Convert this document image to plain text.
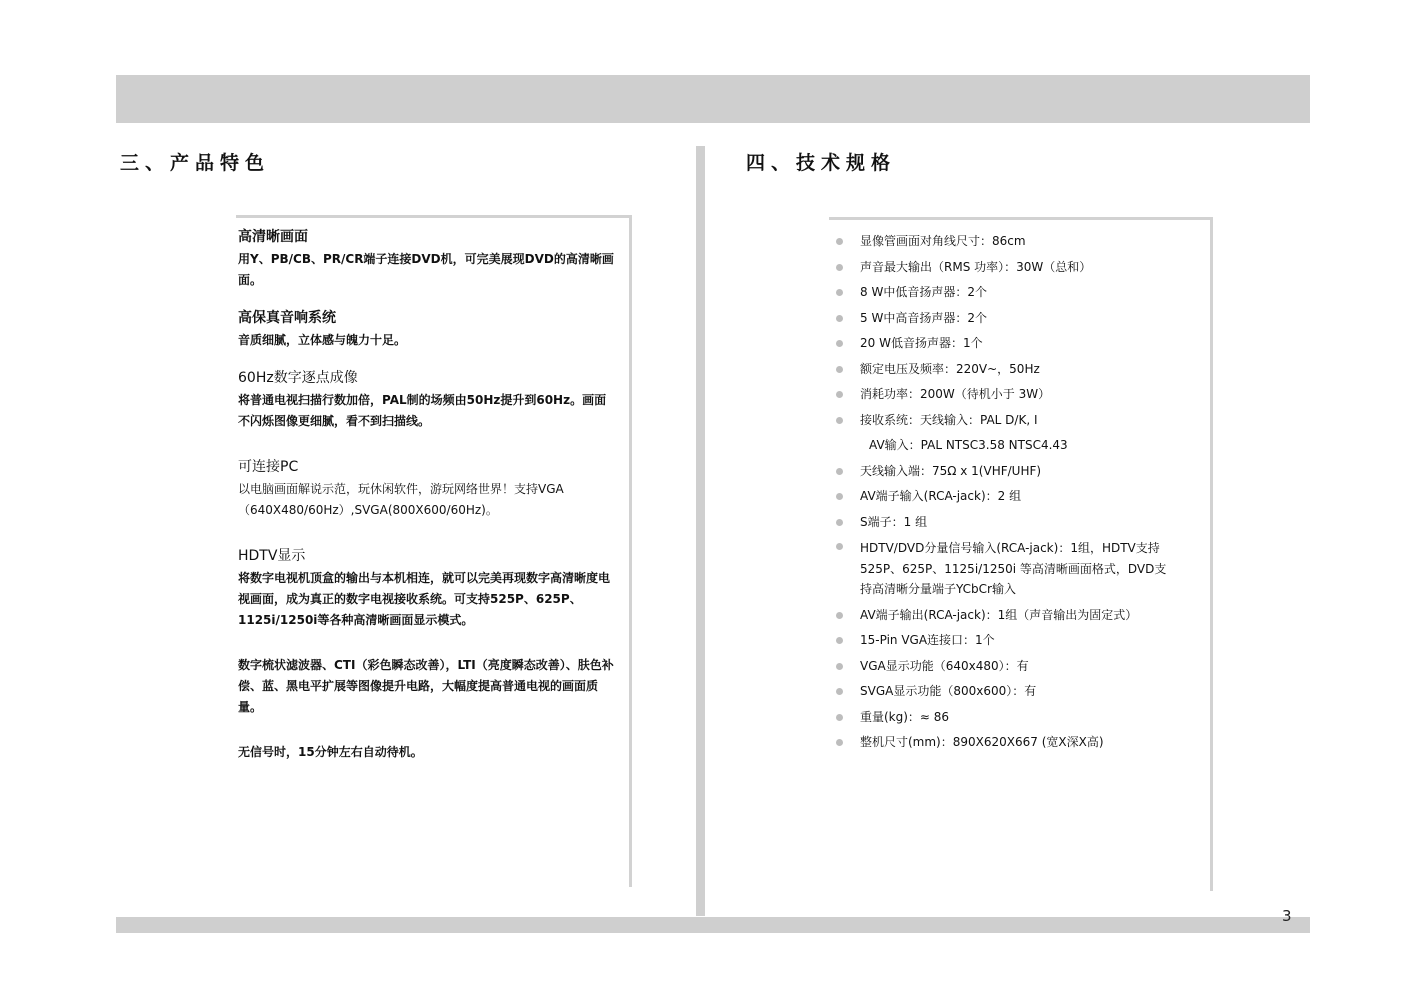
3
三、产品特色	四、技术规格
高清晰画面

用Y、PB/CB、PR/CR端子连接DVD机，可完美展现DVD的高清晰画面。

高保真音响系统

音质细腻，立体感与魄力十足。

60Hz数字逐点成像

将普通电视扫描行数加倍，PAL制的场频由50Hz提升到60Hz。画面不闪烁图像更细腻，看不到扫描线。

可连接PC

以电脑画面解说示范，玩休闲软件，游玩网络世界！支持VGA（640X480/60Hz）,SVGA(800X600/60Hz)。

HDTV显示

将数字电视机顶盒的输出与本机相连，就可以完美再现数字高清晰度电视画面，成为真正的数字电视接收系统。可支持525P、625P、1125i/1250i等各种高清晰画面显示模式。

数字梳状滤波器、CTI（彩色瞬态改善），LTI（亮度瞬态改善）、肤色补偿、蓝、黑电平扩展等图像提升电路，大幅度提高普通电视的画面质量。

无信号时，15分钟左右自动待机。

显像管画面对角线尺寸：86cm
声音最大输出（RMS 功率）：30W（总和）
8 W中低音扬声器：2个
5 W中高音扬声器：2个
20 W低音扬声器：1个
额定电压及频率：220V~，50Hz
消耗功率：200W（待机小于 3W）
接收系统：天线输入：PAL D/K, I
AV输入：PAL NTSC3.58 NTSC4.43
天线输入端：75Ω x 1(VHF/UHF)
AV端子输入(RCA-jack)：2 组
S端子：1 组
HDTV/DVD分量信号输入(RCA-jack)：1组，HDTV支持525P、625P、1125i/1250i 等高清晰画面格式，DVD支持高清晰分量端子YCbCr输入
AV端子输出(RCA-jack)：1组（声音输出为固定式）
15-Pin VGA连接口：1个
VGA显示功能（640x480）：有
SVGA显示功能（800x600）：有
重量(kg)：≈ 86
整机尺寸(mm)：890X620X667 (宽X深X高)
